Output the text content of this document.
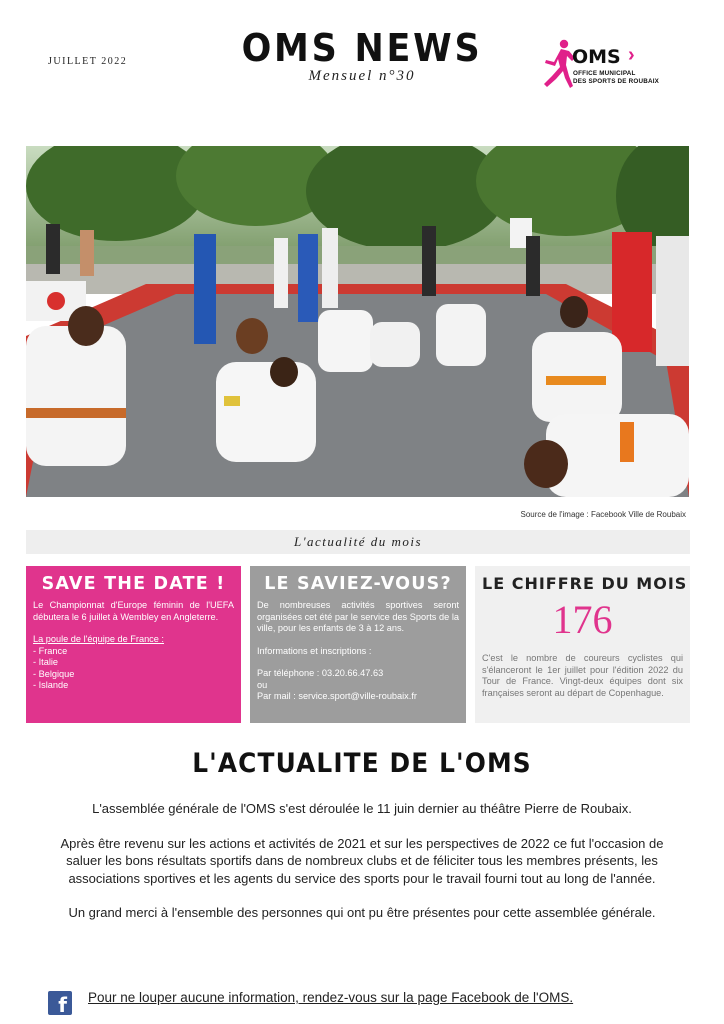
JUILLET 2022	OMS NEWS
Mensuel n°30
OMS ›
OFFICE MUNICIPAL
DES SPORTS DE ROUBAIX
Source de l'image : Facebook Ville de Roubaix
L'actualité du mois
SAVE THE DATE !
Le Championnat d'Europe féminin de l'UEFA débutera le 6 juillet à Wembley en Angleterre.
La poule de l'équipe de France :
- France
- Italie
- Belgique
- Islande
LE SAVIEZ-VOUS?
De nombreuses activités sportives seront organisées cet été par le service des Sports de la ville, pour les enfants de 3 à 12 ans.
Informations et inscriptions :
Par téléphone : 03.20.66.47.63
ou
Par mail : service.sport@ville-roubaix.fr
LE CHIFFRE DU MOIS
176
C'est le nombre de coureurs cyclistes qui s'élanceront le 1er juillet pour l'édition 2022 du Tour de France. Vingt-deux équipes dont six françaises seront au départ de Copenhague.
L'ACTUALITE DE L'OMS

L'assemblée générale de l'OMS s'est déroulée le 11 juin dernier au théâtre Pierre de Roubaix.

Après être revenu sur les actions et activités de 2021 et sur les perspectives de 2022 ce fut l'occasion de saluer les bons résultats sportifs dans de nombreux clubs et de féliciter tous les membres présents, les associations sportives et les agents du service des sports pour le travail fourni tout au long de l'année.

Un grand merci à l'ensemble des personnes qui ont pu être présentes pour cette assemblée générale.

f	Pour ne louper aucune information, rendez-vous sur la page Facebook de l'OMS.
